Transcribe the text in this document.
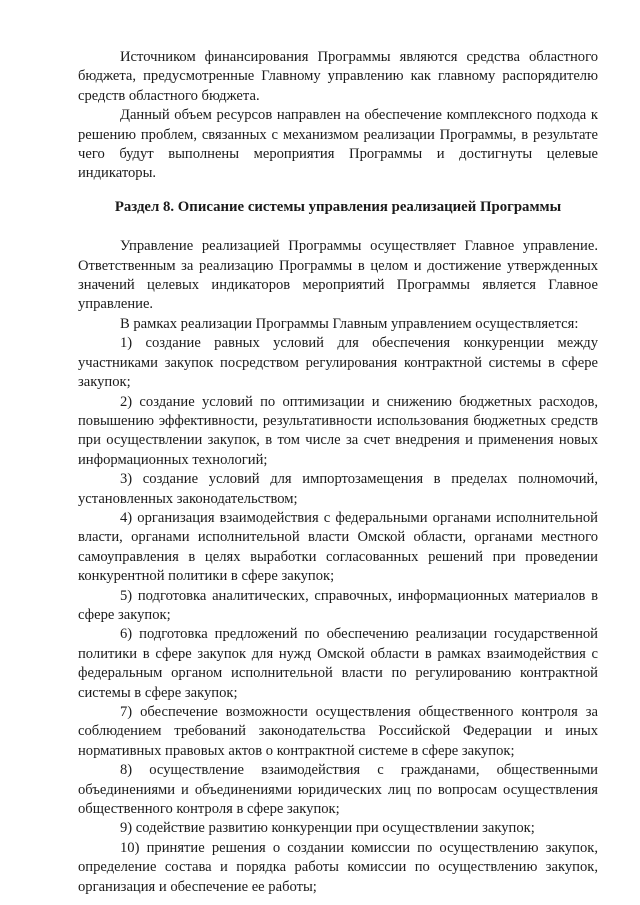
Источником финансирования Программы являются средства областного бюджета, предусмотренные Главному управлению как главному распорядителю средств областного бюджета.

Данный объем ресурсов направлен на обеспечение комплексного подхода к решению проблем, связанных с механизмом реализации Программы, в результате чего будут выполнены мероприятия Программы и достигнуты целевые индикаторы.

Раздел 8. Описание системы управления реализацией Программы

Управление реализацией Программы осуществляет Главное управление. Ответственным за реализацию Программы в целом и достижение утвержденных значений целевых индикаторов мероприятий Программы является Главное управление.

В рамках реализации Программы Главным управлением осуществляется:

1) создание равных условий для обеспечения конкуренции между участниками закупок посредством регулирования контрактной системы в сфере закупок;

2) создание условий по оптимизации и снижению бюджетных расходов, повышению эффективности, результативности использования бюджетных средств при осуществлении закупок, в том числе за счет внедрения и применения новых информационных технологий;

3) создание условий для импортозамещения в пределах полномочий, установленных законодательством;

4) организация взаимодействия с федеральными органами исполнительной власти, органами исполнительной власти Омской области, органами местного самоуправления в целях выработки согласованных решений при проведении конкурентной политики в сфере закупок;

5) подготовка аналитических, справочных, информационных материалов в сфере закупок;

6) подготовка предложений по обеспечению реализации государственной политики в сфере закупок для нужд Омской области в рамках взаимодействия с федеральным органом исполнительной власти по регулированию контрактной системы в сфере закупок;

7) обеспечение возможности осуществления общественного контроля за соблюдением требований законодательства Российской Федерации и иных нормативных правовых актов о контрактной системе в сфере закупок;

8) осуществление взаимодействия с гражданами, общественными объединениями и объединениями юридических лиц по вопросам осуществления общественного контроля в сфере закупок;

9) содействие развитию конкуренции при осуществлении закупок;

10) принятие решения о создании комиссии по осуществлению закупок, определение состава и порядка работы комиссии по осуществлению закупок, организация и обеспечение ее работы;
